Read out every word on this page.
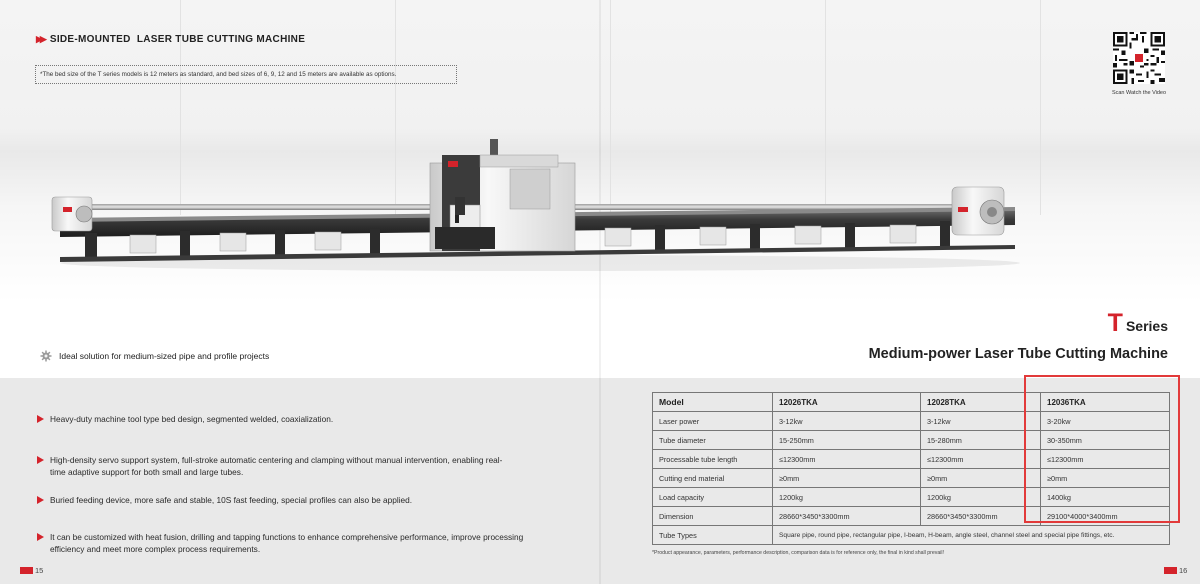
▶▶ SIDE-MOUNTED  LASER TUBE CUTTING MACHINE
*The bed size of the T series models is 12 meters as standard, and bed sizes of 6, 9, 12 and 15 meters are available as options.
Scan Watch the Video
T Series
Medium-power Laser Tube Cutting Machine
Ideal solution for medium-sized pipe and profile projects
Heavy-duty machine tool type bed design, segmented welded, coaxialization.
High-density servo support system, full-stroke automatic centering and clamping without manual intervention, enabling real-time adaptive support for both small and large tubes.
Buried feeding device, more safe and stable, 10S fast feeding, special profiles can also be applied.
It can be customized with heat fusion, drilling and tapping functions to enhance comprehensive performance, improve processing efficiency and meet more complex process requirements.
Model	12026TKA	12028TKA	12036TKA
Laser power	3-12kw	3-12kw	3-20kw
Tube diameter	15-250mm	15-280mm	30-350mm
Processable tube length	≤12300mm	≤12300mm	≤12300mm
Cutting end material	≥0mm	≥0mm	≥0mm
Load capacity	1200kg	1200kg	1400kg
Dimension	28660*3450*3300mm	28660*3450*3300mm	29100*4000*3400mm
Tube Types	Square pipe, round pipe, rectangular pipe, I-beam, H-beam, angle steel, channel steel and special pipe fittings, etc.		
*Product appearance, parameters, performance description, comparison data is for reference only, the final in kind shall prevail!
15	16
